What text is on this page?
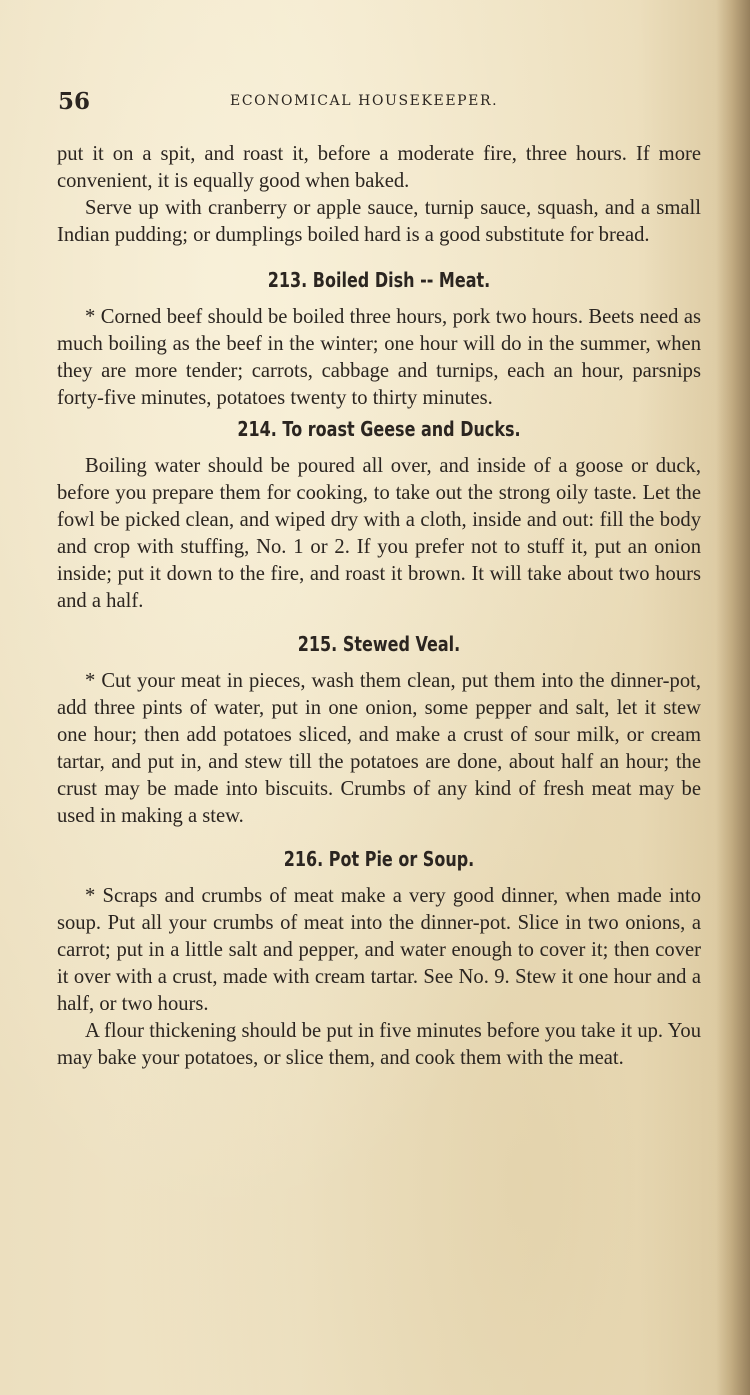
56	ECONOMICAL HOUSEKEEPER.

put it on a spit, and roast it, before a moderate fire, three hours. If more convenient, it is equally good when baked.

Serve up with cranberry or apple sauce, turnip sauce, squash, and a small Indian pudding; or dumplings boiled hard is a good substitute for bread.

213. Boiled Dish -- Meat.

* Corned beef should be boiled three hours, pork two hours. Beets need as much boiling as the beef in the winter; one hour will do in the summer, when they are more tender; carrots, cabbage and turnips, each an hour, parsnips forty-five minutes, potatoes twenty to thirty minutes.

214. To roast Geese and Ducks.

Boiling water should be poured all over, and inside of a goose or duck, before you prepare them for cooking, to take out the strong oily taste. Let the fowl be picked clean, and wiped dry with a cloth, inside and out: fill the body and crop with stuffing, No. 1 or 2. If you prefer not to stuff it, put an onion inside; put it down to the fire, and roast it brown. It will take about two hours and a half.

215. Stewed Veal.

* Cut your meat in pieces, wash them clean, put them into the dinner-pot, add three pints of water, put in one onion, some pepper and salt, let it stew one hour; then add potatoes sliced, and make a crust of sour milk, or cream tartar, and put in, and stew till the potatoes are done, about half an hour; the crust may be made into biscuits. Crumbs of any kind of fresh meat may be used in making a stew.

216. Pot Pie or Soup.

* Scraps and crumbs of meat make a very good dinner, when made into soup. Put all your crumbs of meat into the dinner-pot. Slice in two onions, a carrot; put in a little salt and pepper, and water enough to cover it; then cover it over with a crust, made with cream tartar. See No. 9. Stew it one hour and a half, or two hours.

A flour thickening should be put in five minutes before you take it up. You may bake your potatoes, or slice them, and cook them with the meat.
